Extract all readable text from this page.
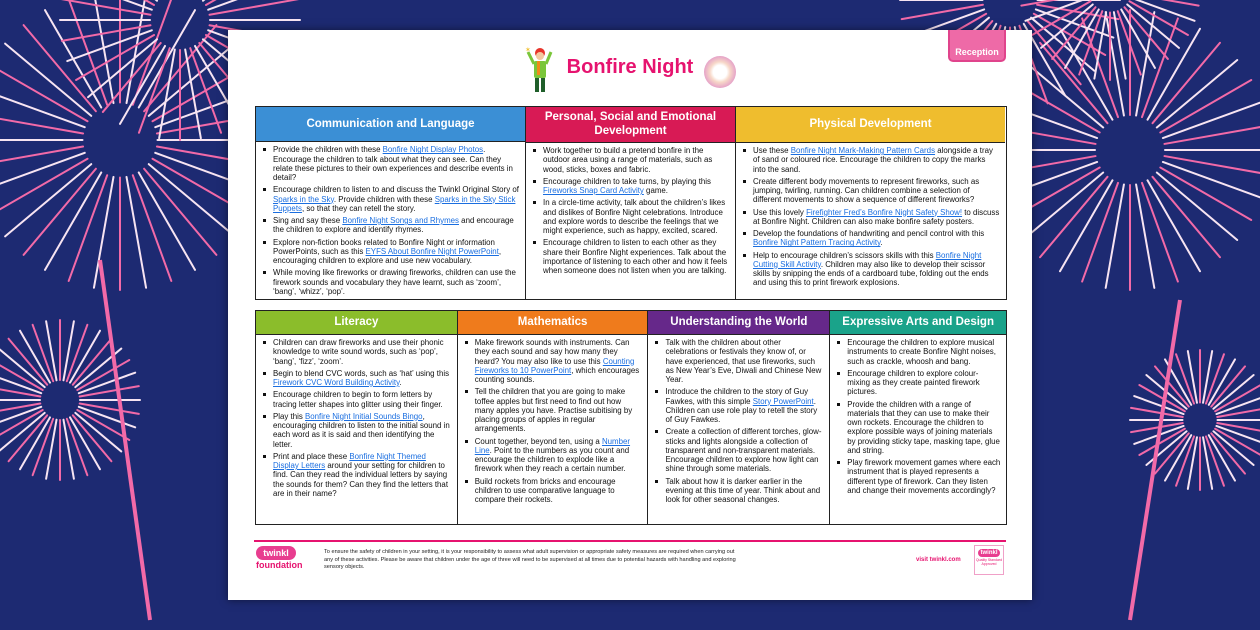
Reception
✶
Bonfire Night
Communication and Language
Provide the children with these Bonfire Night Display Photos. Encourage the children to talk about what they can see. Can they relate these pictures to their own experiences and describe events in detail?
Encourage children to listen to and discuss the Twinkl Original Story of Sparks in the Sky. Provide children with these Sparks in the Sky Stick Puppets, so that they can retell the story.
Sing and say these Bonfire Night Songs and Rhymes and encourage the children to explore and identify rhymes.
Explore non-fiction books related to Bonfire Night or information PowerPoints, such as this EYFS About Bonfire Night PowerPoint, encouraging children to explore and use new vocabulary.
While moving like fireworks or drawing fireworks, children can use the firework sounds and vocabulary they have learnt, such as ‘zoom’, ‘bang’, ‘whizz’, ‘pop’.
Personal, Social and Emotional Development
Work together to build a pretend bonfire in the outdoor area using a range of materials, such as wood, sticks, boxes and fabric.
Encourage children to take turns, by playing this Fireworks Snap Card Activity game.
In a circle-time activity, talk about the children’s likes and dislikes of Bonfire Night celebrations. Introduce and explore words to describe the feelings that we might experience, such as happy, excited, scared.
Encourage children to listen to each other as they share their Bonfire Night experiences. Talk about the importance of listening to each other and how it feels when someone does not listen when you are talking.
Physical Development
Use these Bonfire Night Mark-Making Pattern Cards alongside a tray of sand or coloured rice. Encourage the children to copy the marks into the sand.
Create different body movements to represent fireworks, such as jumping, twirling, running. Can children combine a selection of different movements to show a sequence of different fireworks?
Use this lovely Firefighter Fred’s Bonfire Night Safety Show! to discuss at Bonfire Night. Children can also make bonfire safety posters.
Develop the foundations of handwriting and pencil control with this Bonfire Night Pattern Tracing Activity.
Help to encourage children’s scissors skills with this Bonfire Night Cutting Skill Activity. Children may also like to develop their scissor skills by snipping the ends of a cardboard tube, folding out the ends and using this to print firework explosions.
Literacy
Children can draw fireworks and use their phonic knowledge to write sound words, such as ‘pop’, ‘bang’, ‘fizz’, ‘zoom’.
Begin to blend CVC words, such as ‘hat’ using this Firework CVC Word Building Activity.
Encourage children to begin to form letters by tracing letter shapes into glitter using their finger.
Play this Bonfire Night Initial Sounds Bingo, encouraging children to listen to the initial sound in each word as it is said and then identifying the letter.
Print and place these Bonfire Night Themed Display Letters around your setting for children to find. Can they read the individual letters by saying the sounds for them? Can they find the letters that are in their name?
Mathematics
Make firework sounds with instruments. Can they each sound and say how many they heard? You may also like to use this Counting Fireworks to 10 PowerPoint, which encourages counting sounds.
Tell the children that you are going to make toffee apples but first need to find out how many apples you have. Practise subitising by placing groups of apples in regular arrangements.
Count together, beyond ten, using a Number Line. Point to the numbers as you count and encourage the children to explode like a firework when they reach a certain number.
Build rockets from bricks and encourage children to use comparative language to compare their rockets.
Understanding the World
Talk with the children about other celebrations or festivals they know of, or have experienced, that use fireworks, such as New Year’s Eve, Diwali and Chinese New Year.
Introduce the children to the story of Guy Fawkes, with this simple Story PowerPoint. Children can use role play to retell the story of Guy Fawkes.
Create a collection of different torches, glow-sticks and lights alongside a collection of transparent and non-transparent materials. Encourage children to explore how light can shine through some materials.
Talk about how it is darker earlier in the evening at this time of year. Think about and look for other seasonal changes.
Expressive Arts and Design
Encourage the children to explore musical instruments to create Bonfire Night noises, such as crackle, whoosh and bang.
Encourage children to explore colour-mixing as they create painted firework pictures.
Provide the children with a range of materials that they can use to make their own rockets. Encourage the children to explore possible ways of joining materials by providing sticky tape, masking tape, glue and string.
Play firework movement games where each instrument that is played represents a different type of firework. Can they listen and change their movements accordingly?
twinkl
foundation
To ensure the safety of children in your setting, it is your responsibility to assess what adult supervision or appropriate safety measures are required when carrying out any of these activities. Please be aware that children under the age of three will need to be supervised at all times due to potential hazards with handling and exploring sensory objects.
visit twinkl.com
twinkl
Quality Standard Approved
